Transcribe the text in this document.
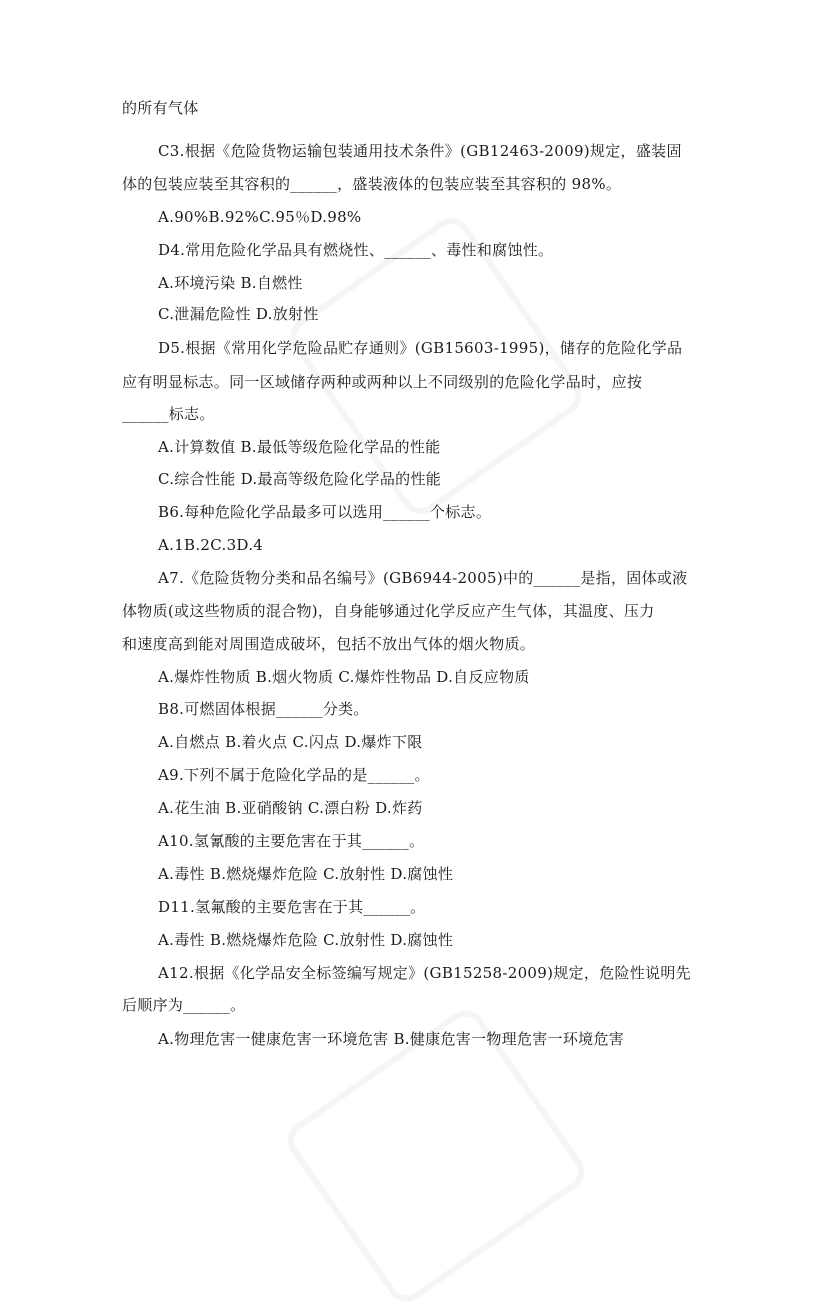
的所有气体
C3.根据《危险货物运输包装通用技术条件》(GB12463-2009)规定，盛装固
体的包装应装至其容积的______，盛装液体的包装应装至其容积的 98%。
A.90%B.92%C.95％D.98%
D4.常用危险化学品具有燃烧性、______、毒性和腐蚀性。
A.环境污染 B.自燃性
C.泄漏危险性 D.放射性
D5.根据《常用化学危险品贮存通则》(GB15603-1995)，储存的危险化学品
应有明显标志。同一区域储存两种或两种以上不同级别的危险化学品时，应按
______标志。
A.计算数值 B.最低等级危险化学品的性能
C.综合性能 D.最高等级危险化学品的性能
B6.每种危险化学品最多可以选用______个标志。
A.1B.2C.3D.4
A7.《危险货物分类和品名编号》(GB6944-2005)中的______是指，固体或液
体物质(或这些物质的混合物)，自身能够通过化学反应产生气体，其温度、压力
和速度高到能对周围造成破坏，包括不放出气体的烟火物质。
A.爆炸性物质 B.烟火物质 C.爆炸性物品 D.自反应物质
B8.可燃固体根据______分类。
A.自燃点 B.着火点 C.闪点 D.爆炸下限
A9.下列不属于危险化学品的是______。
A.花生油 B.亚硝酸钠 C.漂白粉 D.炸药
A10.氢氰酸的主要危害在于其______。
A.毒性 B.燃烧爆炸危险 C.放射性 D.腐蚀性
D11.氢氟酸的主要危害在于其______。
A.毒性 B.燃烧爆炸危险 C.放射性 D.腐蚀性
A12.根据《化学品安全标签编写规定》(GB15258-2009)规定，危险性说明先
后顺序为______。
A.物理危害一健康危害一环境危害 B.健康危害一物理危害一环境危害
